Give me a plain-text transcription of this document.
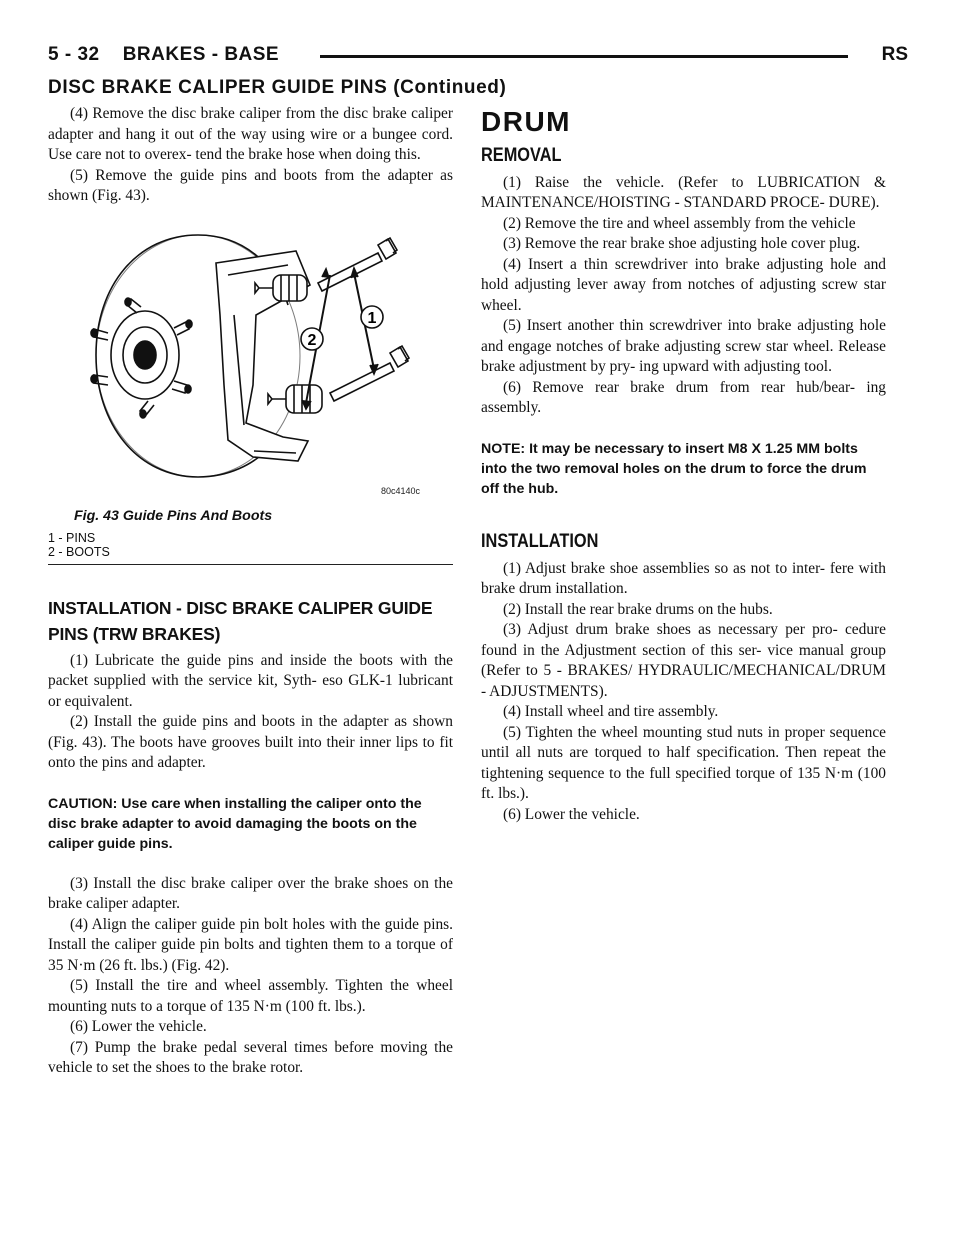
5 - 32    BRAKES - BASE	RS
DISC BRAKE CALIPER GUIDE PINS (Continued)

(4) Remove the disc brake caliper from the disc brake caliper adapter and hang it out of the way using wire or a bungee cord. Use care not to overex- tend the brake hose when doing this.

(5) Remove the guide pins and boots from the adapter as shown (Fig. 43).

1
2
80c4140c
Fig. 43 Guide Pins And Boots
1 - PINS
2 - BOOTS
INSTALLATION - DISC BRAKE CALIPER GUIDE PINS (TRW BRAKES)

(1) Lubricate the guide pins and inside the boots with the packet supplied with the service kit, Syth- eso GLK-1 lubricant or equivalent.

(2) Install the guide pins and boots in the adapter as shown (Fig. 43). The boots have grooves built into their inner lips to fit onto the pins and adapter.

CAUTION: Use care when installing the caliper onto the disc brake adapter to avoid damaging the boots on the caliper guide pins.

(3) Install the disc brake caliper over the brake shoes on the brake caliper adapter.

(4) Align the caliper guide pin bolt holes with the guide pins. Install the caliper guide pin bolts and tighten them to a torque of 35 N·m (26 ft. lbs.) (Fig. 42).

(5) Install the tire and wheel assembly. Tighten the wheel mounting nuts to a torque of 135 N·m (100 ft. lbs.).

(6) Lower the vehicle.

(7) Pump the brake pedal several times before moving the vehicle to set the shoes to the brake rotor.

DRUM
REMOVAL

(1) Raise the vehicle. (Refer to LUBRICATION & MAINTENANCE/HOISTING - STANDARD PROCE- DURE).

(2) Remove the tire and wheel assembly from the vehicle

(3) Remove the rear brake shoe adjusting hole cover plug.

(4) Insert a thin screwdriver into brake adjusting hole and hold adjusting lever away from notches of adjusting screw star wheel.

(5) Insert another thin screwdriver into brake adjusting hole and engage notches of brake adjusting screw star wheel. Release brake adjustment by pry- ing upward with adjusting tool.

(6) Remove rear brake drum from rear hub/bear- ing assembly.

NOTE: It may be necessary to insert M8 X 1.25 MM bolts into the two removal holes on the drum to force the drum off the hub.

INSTALLATION

(1) Adjust brake shoe assemblies so as not to inter- fere with brake drum installation.

(2) Install the rear brake drums on the hubs.

(3) Adjust drum brake shoes as necessary per pro- cedure found in the Adjustment section of this ser- vice manual group (Refer to 5 - BRAKES/ HYDRAULIC/MECHANICAL/DRUM - ADJUSTMENTS).

(4) Install wheel and tire assembly.

(5) Tighten the wheel mounting stud nuts in proper sequence until all nuts are torqued to half specification. Then repeat the tightening sequence to the full specified torque of 135 N·m (100 ft. lbs.).

(6) Lower the vehicle.
